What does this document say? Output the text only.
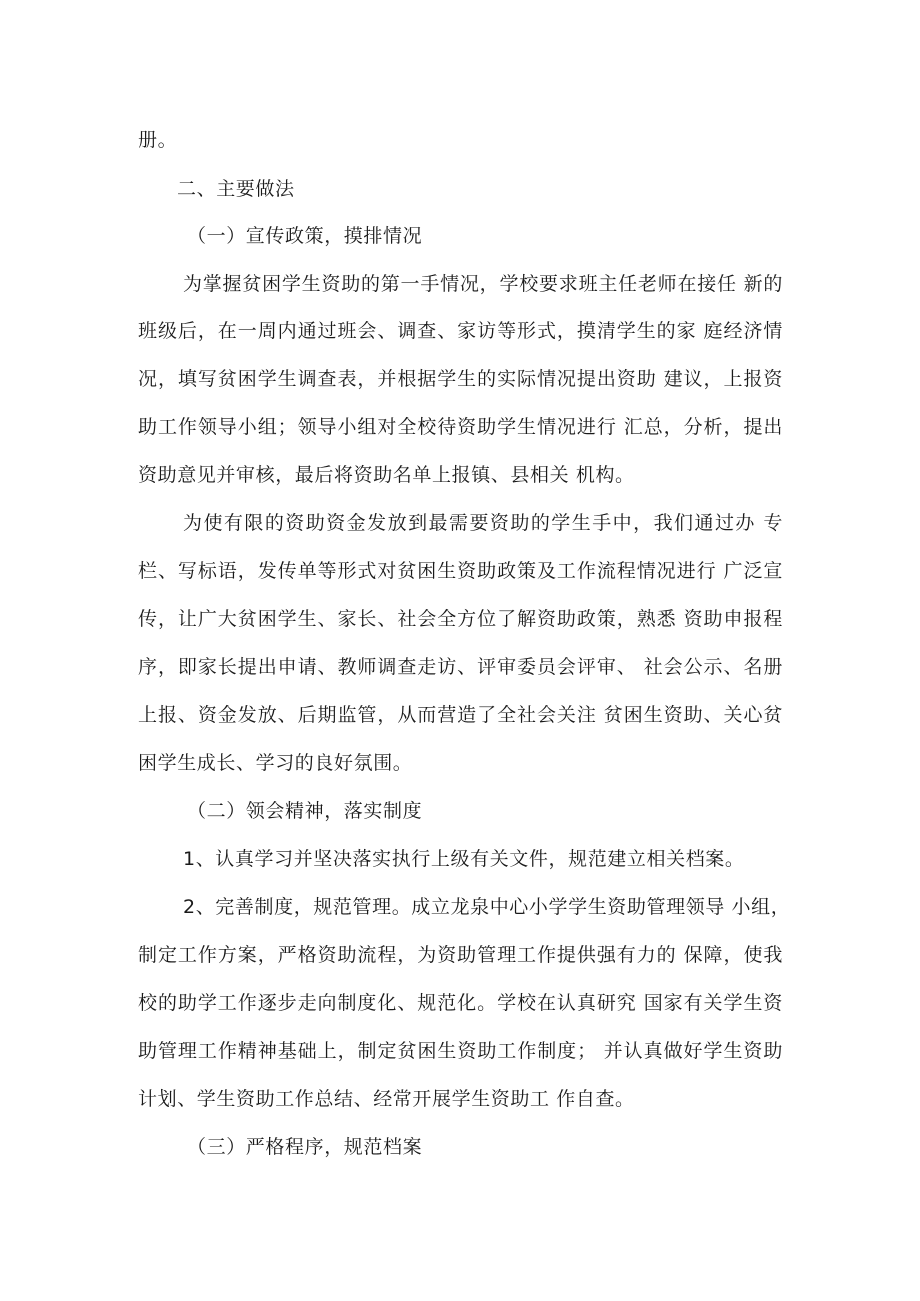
册。
二、主要做法
（一）宣传政策，摸排情况
为掌握贫困学生资助的第一手情况，学校要求班主任老师在接任 新的
班级后，在一周内通过班会、调查、家访等形式，摸清学生的家 庭经济情
况，填写贫困学生调查表，并根据学生的实际情况提出资助 建议，上报资
助工作领导小组；领导小组对全校待资助学生情况进行 汇总，分析，提出
资助意见并审核，最后将资助名单上报镇、县相关 机构。
为使有限的资助资金发放到最需要资助的学生手中，我们通过办 专
栏、写标语，发传单等形式对贫困生资助政策及工作流程情况进行 广泛宣
传，让广大贫困学生、家长、社会全方位了解资助政策，熟悉 资助申报程
序，即家长提出申请、教师调查走访、评审委员会评审、 社会公示、名册
上报、资金发放、后期监管，从而营造了全社会关注 贫困生资助、关心贫
困学生成长、学习的良好氛围。
（二）领会精神，落实制度
1、认真学习并坚决落实执行上级有关文件，规范建立相关档案。
2、完善制度，规范管理。成立龙泉中心小学学生资助管理领导 小组，
制定工作方案，严格资助流程，为资助管理工作提供强有力的 保障，使我
校的助学工作逐步走向制度化、规范化。学校在认真研究 国家有关学生资
助管理工作精神基础上，制定贫困生资助工作制度； 并认真做好学生资助
计划、学生资助工作总结、经常开展学生资助工 作自查。
（三）严格程序，规范档案
